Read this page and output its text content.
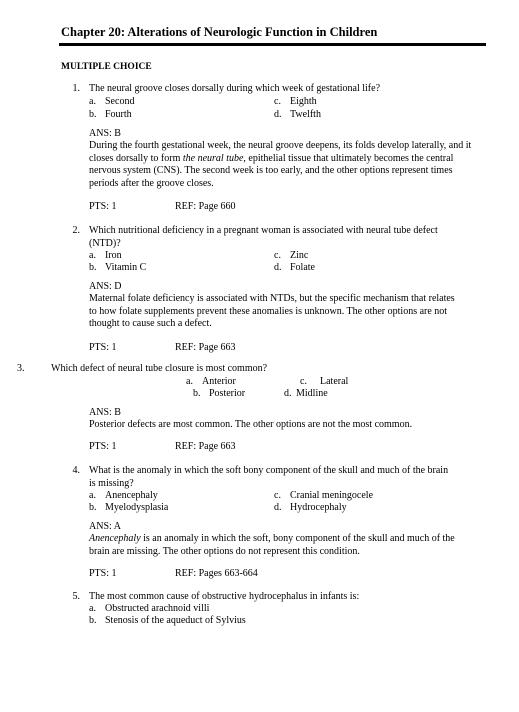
Chapter 20: Alterations of Neurologic Function in Children
MULTIPLE CHOICE
1. The neural groove closes dorsally during which week of gestational life?
a. Second
b. Fourth
c. Eighth
d. Twelfth
ANS: B
During the fourth gestational week, the neural groove deepens, its folds develop laterally, and it closes dorsally to form the neural tube, epithelial tissue that ultimately becomes the central nervous system (CNS). The second week is too early, and the other options represent times periods after the groove closes.
PTS: 1	REF: Page 660
2. Which nutritional deficiency in a pregnant woman is associated with neural tube defect (NTD)?
a. Iron
b. Vitamin C
c. Zinc
d. Folate
ANS: D
Maternal folate deficiency is associated with NTDs, but the specific mechanism that relates to how folate supplements prevent these anomalies is unknown. The other options are not thought to cause such a defect.
PTS: 1	REF: Page 663
3.	Which defect of neural tube closure is most common?
a. Anterior
b. Posterior
c. Lateral
d. Midline
ANS: B
Posterior defects are most common. The other options are not the most common.
PTS: 1	REF: Page 663
4. What is the anomaly in which the soft bony component of the skull and much of the brain is missing?
a. Anencephaly
b. Myelodysplasia
c. Cranial meningocele
d. Hydrocephaly
ANS: A
Anencephaly is an anomaly in which the soft, bony component of the skull and much of the brain are missing. The other options do not represent this condition.
PTS: 1	REF: Pages 663-664
5. The most common cause of obstructive hydrocephalus in infants is:
a. Obstructed arachnoid villi
b. Stenosis of the aqueduct of Sylvius
